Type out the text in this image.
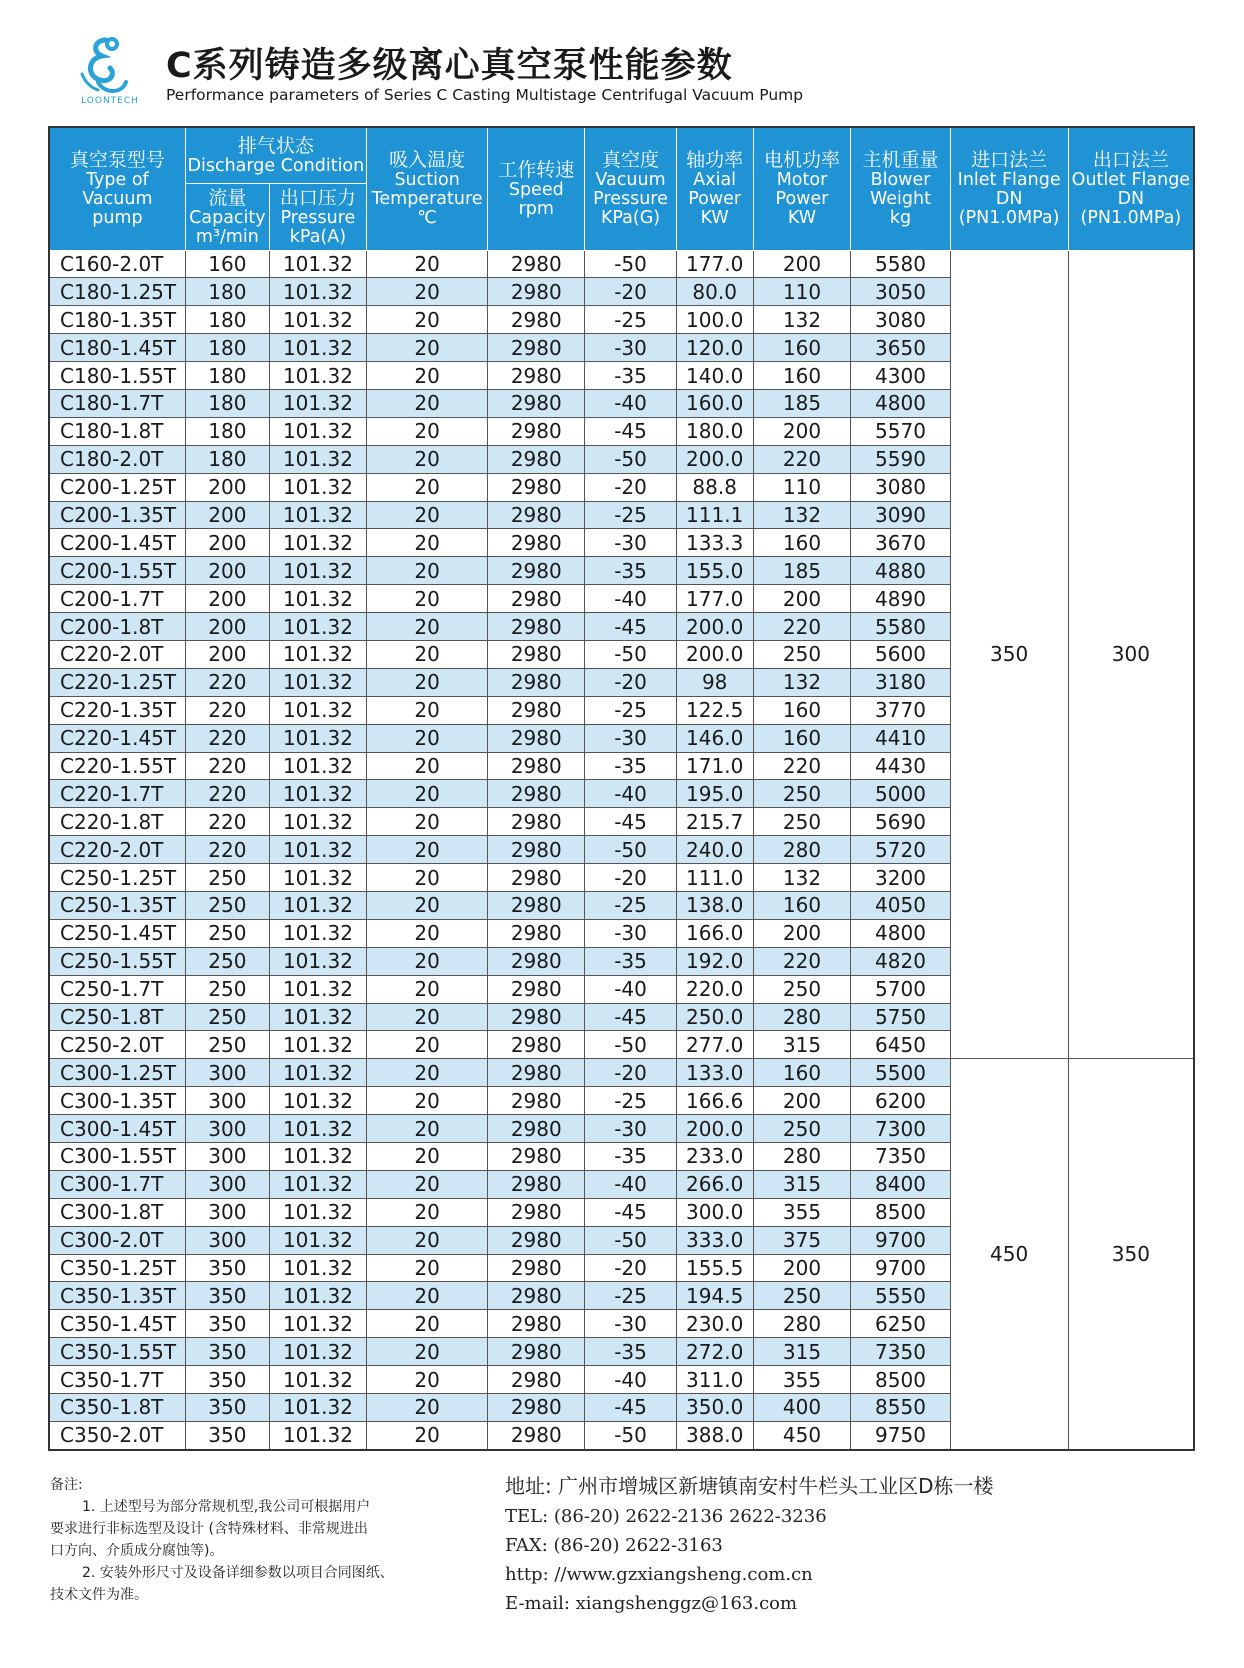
LOONTECH
C系列铸造多级离心真空泵性能参数
Performance parameters of Series C Casting Multistage Centrifugal Vacuum Pump
真空泵型号
Type of
Vacuum
pump	排气状态
Discharge Condition		吸入温度
Suction
Temperature
℃	工作转速
Speed
rpm	真空度
Vacuum
Pressure
KPa(G)	轴功率
Axial
Power
KW	电机功率
Motor
Power
KW	主机重量
Blower
Weight
kg	进口法兰
Inlet Flange
DN
(PN1.0MPa)	出口法兰
Outlet Flange
DN
(PN1.0MPa)

	流量
Capacity
m³/min	出口压力
Pressure
kPa(A)								

C160-2.0T	160	101.32	20	2980	-50	177.0	200	5580	350	300
C180-1.25T	180	101.32	20	2980	-20	80.0	110	3050		
C180-1.35T	180	101.32	20	2980	-25	100.0	132	3080		
C180-1.45T	180	101.32	20	2980	-30	120.0	160	3650		
C180-1.55T	180	101.32	20	2980	-35	140.0	160	4300		
C180-1.7T	180	101.32	20	2980	-40	160.0	185	4800		
C180-1.8T	180	101.32	20	2980	-45	180.0	200	5570		
C180-2.0T	180	101.32	20	2980	-50	200.0	220	5590		
C200-1.25T	200	101.32	20	2980	-20	88.8	110	3080		
C200-1.35T	200	101.32	20	2980	-25	111.1	132	3090		
C200-1.45T	200	101.32	20	2980	-30	133.3	160	3670		
C200-1.55T	200	101.32	20	2980	-35	155.0	185	4880		
C200-1.7T	200	101.32	20	2980	-40	177.0	200	4890		
C200-1.8T	200	101.32	20	2980	-45	200.0	220	5580		
C220-2.0T	200	101.32	20	2980	-50	200.0	250	5600		
C220-1.25T	220	101.32	20	2980	-20	98	132	3180		
C220-1.35T	220	101.32	20	2980	-25	122.5	160	3770		
C220-1.45T	220	101.32	20	2980	-30	146.0	160	4410		
C220-1.55T	220	101.32	20	2980	-35	171.0	220	4430		
C220-1.7T	220	101.32	20	2980	-40	195.0	250	5000		
C220-1.8T	220	101.32	20	2980	-45	215.7	250	5690		
C220-2.0T	220	101.32	20	2980	-50	240.0	280	5720		
C250-1.25T	250	101.32	20	2980	-20	111.0	132	3200		
C250-1.35T	250	101.32	20	2980	-25	138.0	160	4050		
C250-1.45T	250	101.32	20	2980	-30	166.0	200	4800		
C250-1.55T	250	101.32	20	2980	-35	192.0	220	4820		
C250-1.7T	250	101.32	20	2980	-40	220.0	250	5700		
C250-1.8T	250	101.32	20	2980	-45	250.0	280	5750		
C250-2.0T	250	101.32	20	2980	-50	277.0	315	6450		
C300-1.25T	300	101.32	20	2980	-20	133.0	160	5500	450	350
C300-1.35T	300	101.32	20	2980	-25	166.6	200	6200		
C300-1.45T	300	101.32	20	2980	-30	200.0	250	7300		
C300-1.55T	300	101.32	20	2980	-35	233.0	280	7350		
C300-1.7T	300	101.32	20	2980	-40	266.0	315	8400		
C300-1.8T	300	101.32	20	2980	-45	300.0	355	8500		
C300-2.0T	300	101.32	20	2980	-50	333.0	375	9700		
C350-1.25T	350	101.32	20	2980	-20	155.5	200	9700		
C350-1.35T	350	101.32	20	2980	-25	194.5	250	5550		
C350-1.45T	350	101.32	20	2980	-30	230.0	280	6250		
C350-1.55T	350	101.32	20	2980	-35	272.0	315	7350		
C350-1.7T	350	101.32	20	2980	-40	311.0	355	8500		
C350-1.8T	350	101.32	20	2980	-45	350.0	400	8550		
C350-2.0T	350	101.32	20	2980	-50	388.0	450	9750		

备注:

1. 上述型号为部分常规机型,我公司可根据用户

要求进行非标选型及设计 (含特殊材料、非常规进出

口方向、介质成分腐蚀等)。

2. 安装外形尺寸及设备详细参数以项目合同图纸、

技术文件为准。

地址: 广州市增城区新塘镇南安村牛栏头工业区D栋一楼
TEL: (86-20) 2622-2136 2622-3236
FAX: (86-20) 2622-3163
http: //www.gzxiangsheng.com.cn
E-mail: xiangshenggz@163.com
